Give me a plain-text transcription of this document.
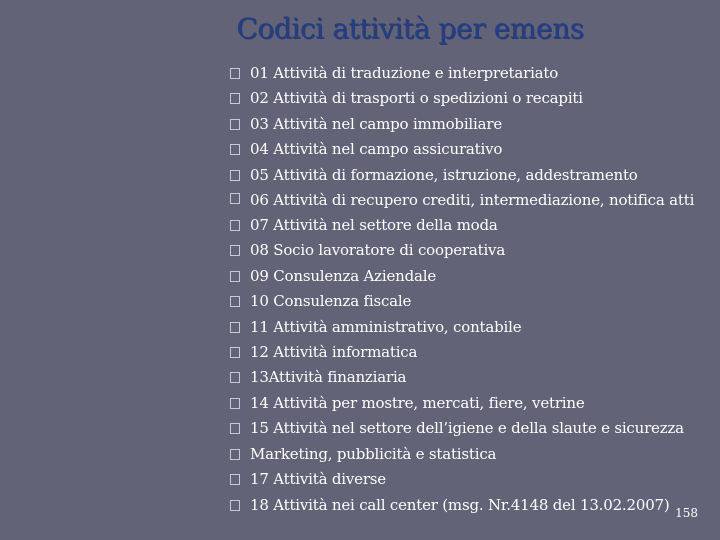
Codici attività per emens
01 Attività di traduzione e interpretariato
02 Attività di trasporti o spedizioni o recapiti
03 Attività nel campo immobiliare
04 Attività nel campo assicurativo
05 Attività di formazione, istruzione, addestramento
06 Attività di recupero crediti, intermediazione, notifica atti
07 Attività nel settore della moda
08 Socio lavoratore di cooperativa
09 Consulenza Aziendale
10 Consulenza fiscale
11 Attività amministrativo, contabile
12 Attività informatica
13Attività finanziaria
14 Attività per mostre, mercati, fiere, vetrine
15 Attività nel settore dell’igiene e della slaute e sicurezza
Marketing, pubblicità e statistica
17 Attività diverse
18 Attività nei call center (msg. Nr.4148 del 13.02.2007) 158
